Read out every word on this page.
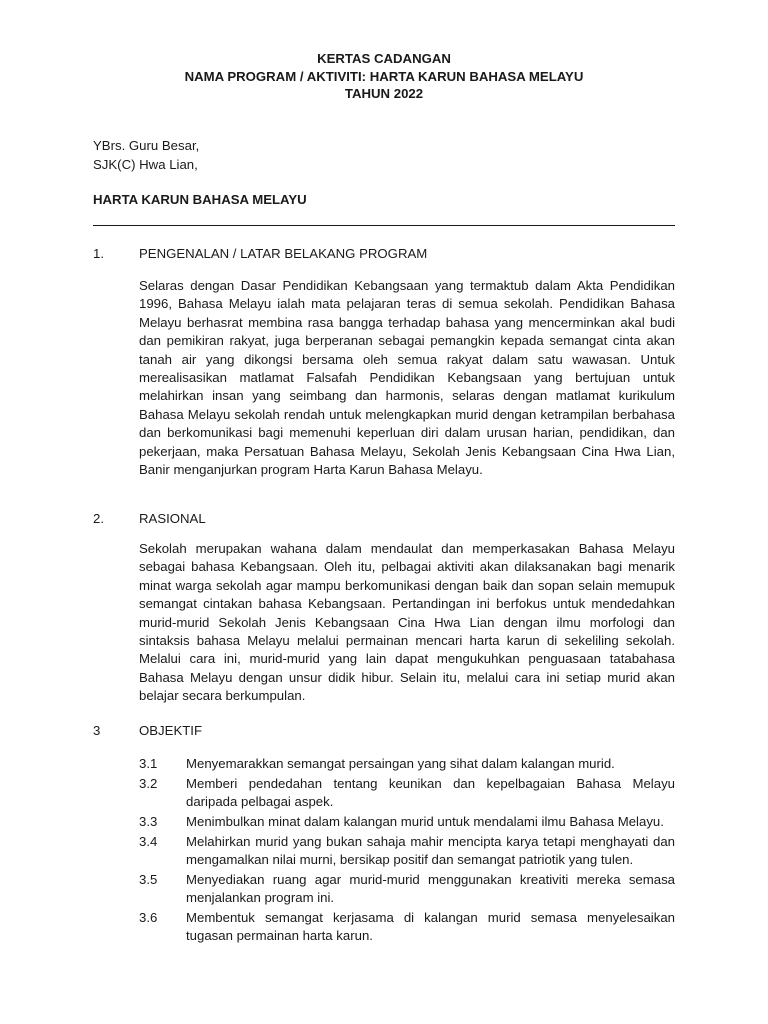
KERTAS CADANGAN
NAMA PROGRAM / AKTIVITI: HARTA KARUN BAHASA MELAYU
TAHUN 2022
YBrs. Guru Besar,
SJK(C) Hwa Lian,
HARTA KARUN BAHASA MELAYU
1.	PENGENALAN / LATAR BELAKANG PROGRAM
Selaras dengan Dasar Pendidikan Kebangsaan yang termaktub dalam Akta Pendidikan 1996, Bahasa Melayu ialah mata pelajaran teras di semua sekolah. Pendidikan Bahasa Melayu berhasrat membina rasa bangga terhadap bahasa yang mencerminkan akal budi dan pemikiran rakyat, juga berperanan sebagai pemangkin kepada semangat cinta akan tanah air yang dikongsi bersama oleh semua rakyat dalam satu wawasan. Untuk merealisasikan matlamat Falsafah Pendidikan Kebangsaan yang bertujuan untuk melahirkan insan yang seimbang dan harmonis, selaras dengan matlamat kurikulum Bahasa Melayu sekolah rendah untuk melengkapkan murid dengan ketrampilan berbahasa dan berkomunikasi bagi memenuhi keperluan diri dalam urusan harian, pendidikan, dan pekerjaan, maka Persatuan Bahasa Melayu, Sekolah Jenis Kebangsaan Cina Hwa Lian, Banir menganjurkan program Harta Karun Bahasa Melayu.
2.	RASIONAL
Sekolah merupakan wahana dalam mendaulat dan memperkasakan Bahasa Melayu sebagai bahasa Kebangsaan. Oleh itu, pelbagai aktiviti akan dilaksanakan bagi menarik minat warga sekolah agar mampu berkomunikasi dengan baik dan sopan selain memupuk semangat cintakan bahasa Kebangsaan. Pertandingan ini berfokus untuk mendedahkan murid-murid Sekolah Jenis Kebangsaan Cina Hwa Lian dengan ilmu morfologi dan sintaksis bahasa Melayu melalui permainan mencari harta karun di sekeliling sekolah. Melalui cara ini, murid-murid yang lain dapat mengukuhkan penguasaan tatabahasa Bahasa Melayu dengan unsur didik hibur. Selain itu, melalui cara ini setiap murid akan belajar secara berkumpulan.
3	OBJEKTIF
3.1 Menyemarakkan semangat persaingan yang sihat dalam kalangan murid.
3.2 Memberi pendedahan tentang keunikan dan kepelbagaian Bahasa Melayu daripada pelbagai aspek.
3.3 Menimbulkan minat dalam kalangan murid untuk mendalami ilmu Bahasa Melayu.
3.4 Melahirkan murid yang bukan sahaja mahir mencipta karya tetapi menghayati dan mengamalkan nilai murni, bersikap positif dan semangat patriotik yang tulen.
3.5 Menyediakan ruang agar murid-murid menggunakan kreativiti mereka semasa menjalankan program ini.
3.6 Membentuk semangat kerjasama di kalangan murid semasa menyelesaikan tugasan permainan harta karun.
